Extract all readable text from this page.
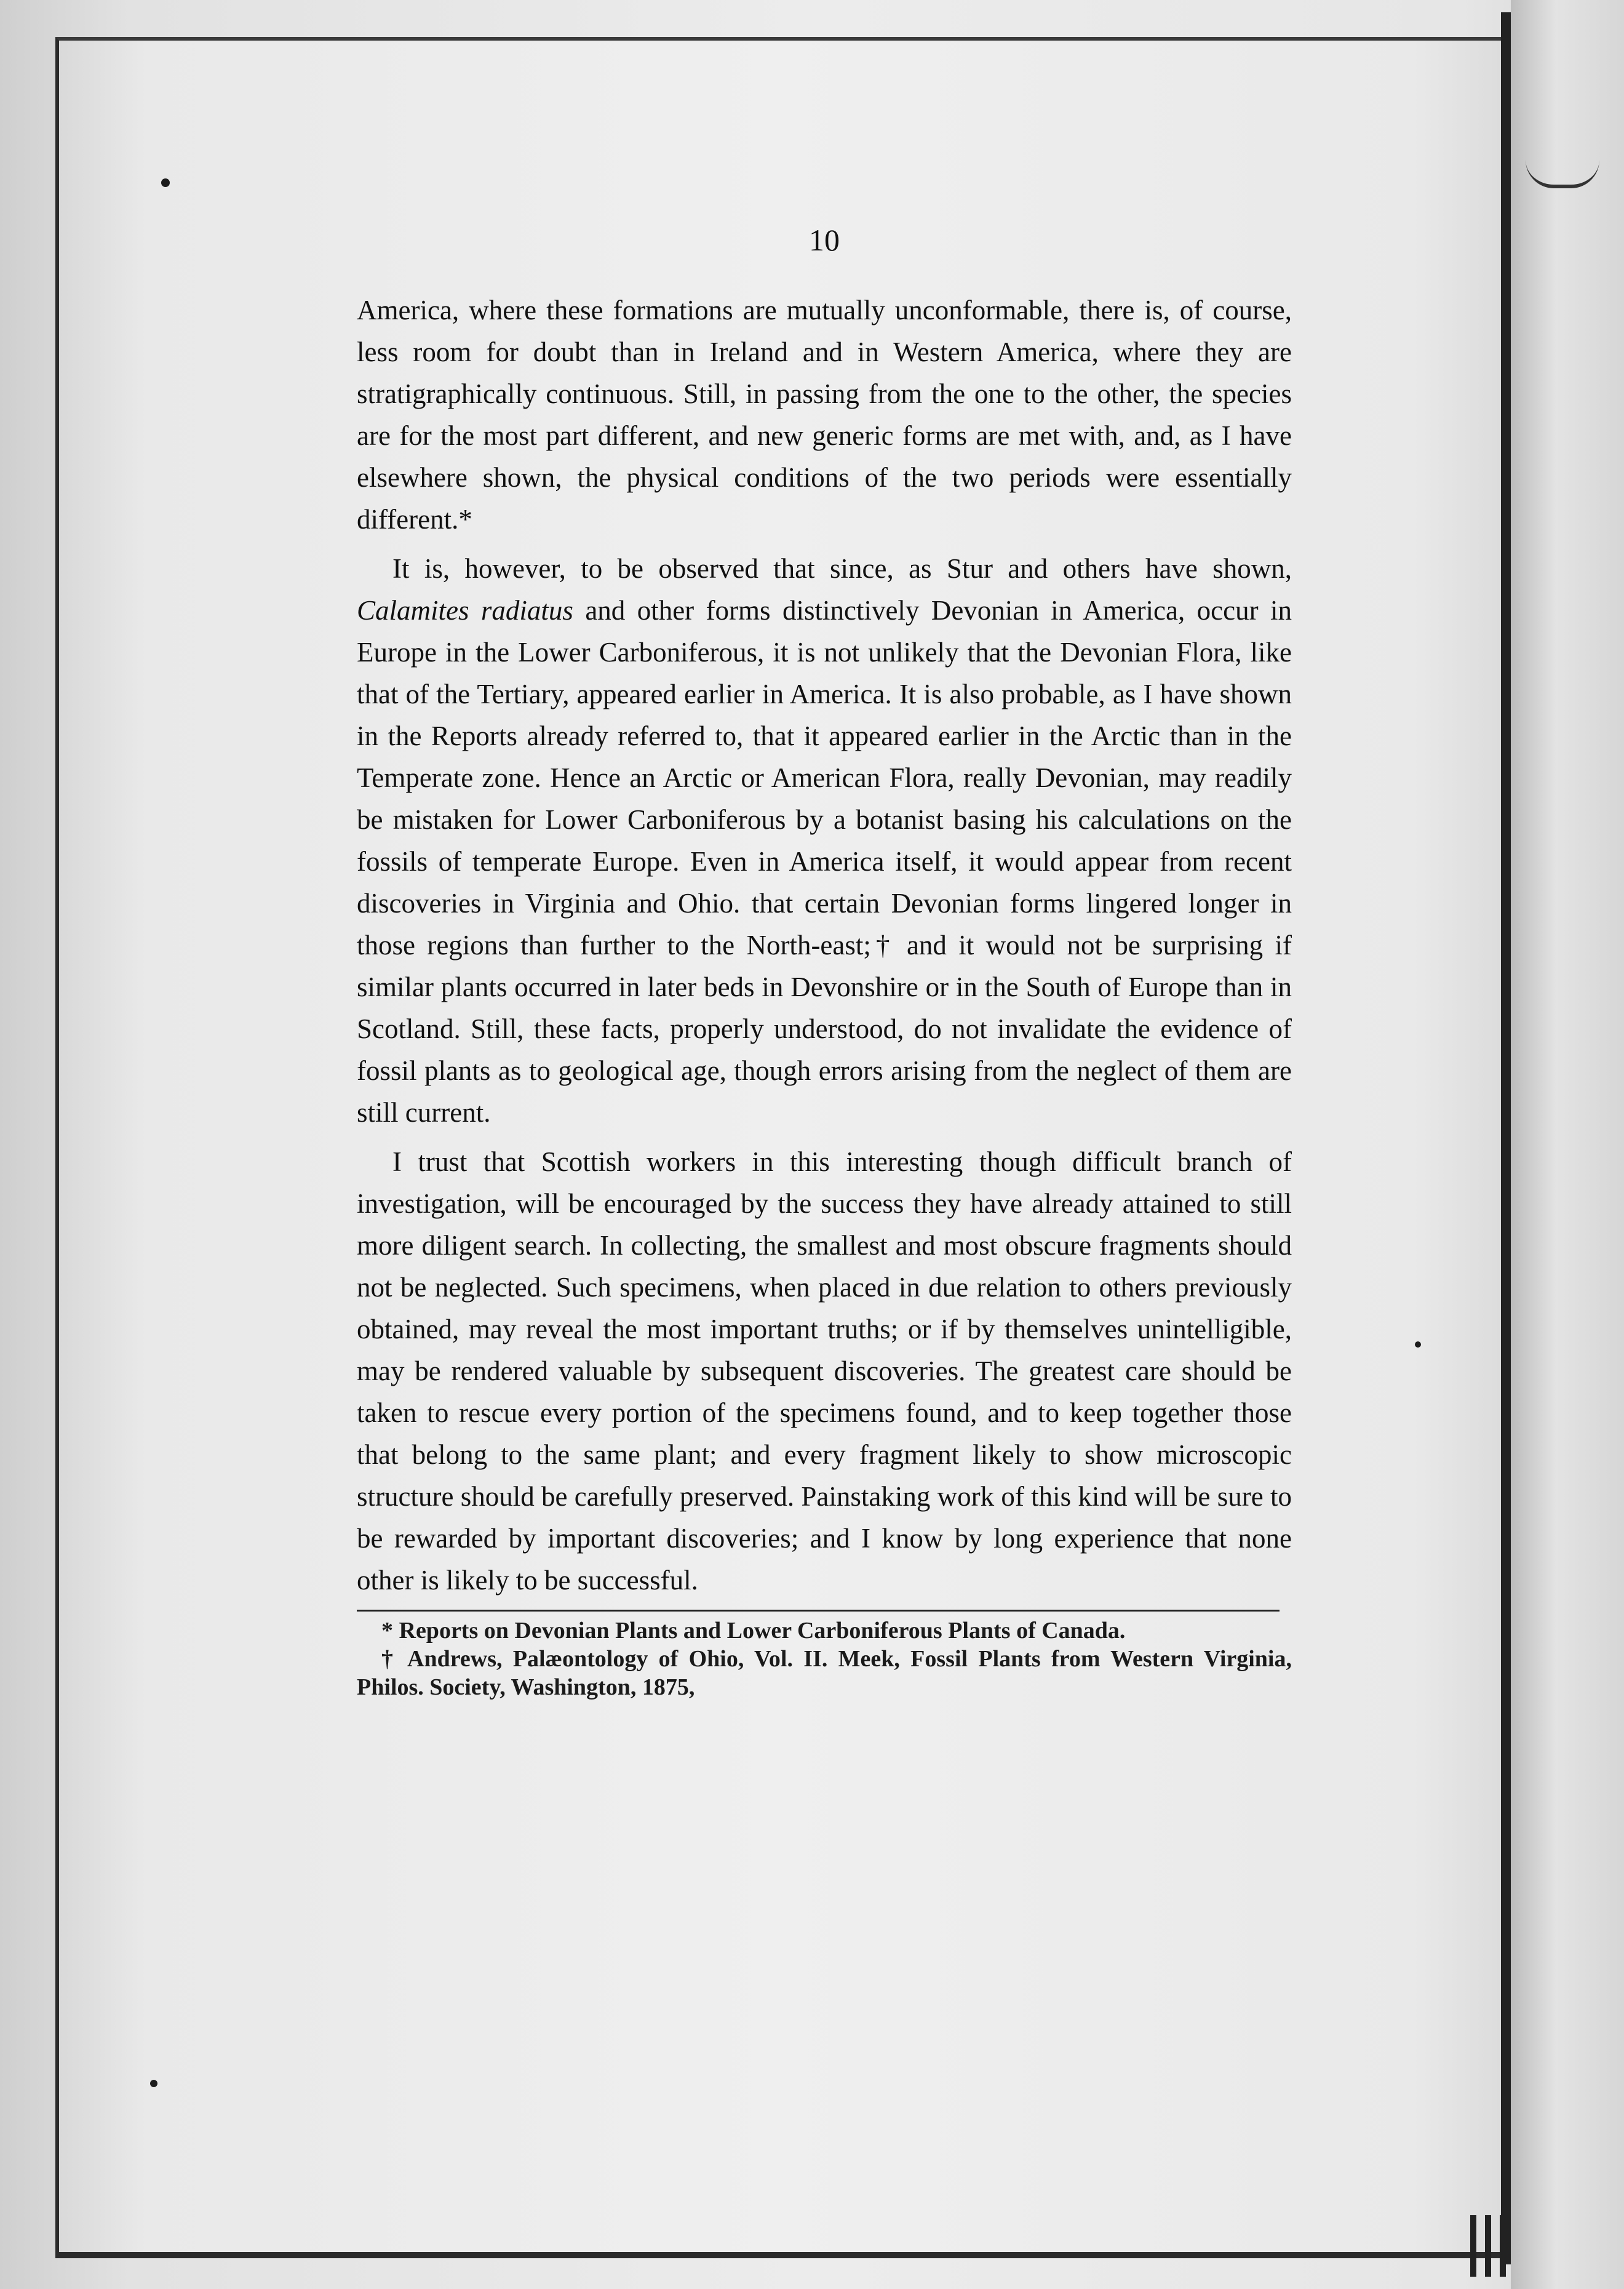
10

America, where these formations are mutually unconformable, there is, of course, less room for doubt than in Ireland and in Western America, where they are stratigraphically continuous. Still, in passing from the one to the other, the species are for the most part different, and new generic forms are met with, and, as I have elsewhere shown, the physical conditions of the two periods were essentially different.*

It is, however, to be observed that since, as Stur and others have shown, Calamites radiatus and other forms distinctively Devonian in America, occur in Europe in the Lower Carboniferous, it is not unlikely that the Devonian Flora, like that of the Tertiary, appeared earlier in America. It is also probable, as I have shown in the Reports already referred to, that it appeared earlier in the Arctic than in the Temperate zone. Hence an Arctic or American Flora, really Devonian, may readily be mistaken for Lower Carboniferous by a botanist basing his calculations on the fossils of temperate Europe. Even in America itself, it would appear from recent discoveries in Virginia and Ohio. that certain Devonian forms lingered longer in those regions than further to the North-east;† and it would not be surprising if similar plants occurred in later beds in Devonshire or in the South of Europe than in Scotland. Still, these facts, properly understood, do not invalidate the evidence of fossil plants as to geological age, though errors arising from the neglect of them are still current.

I trust that Scottish workers in this interesting though difficult branch of investigation, will be encouraged by the success they have already attained to still more diligent search. In collecting, the smallest and most obscure fragments should not be neglected. Such specimens, when placed in due relation to others previously obtained, may reveal the most important truths; or if by themselves unintelligible, may be rendered valuable by subsequent discoveries. The greatest care should be taken to rescue every portion of the specimens found, and to keep together those that belong to the same plant; and every fragment likely to show microscopic structure should be carefully preserved. Painstaking work of this kind will be sure to be rewarded by important discoveries; and I know by long experience that none other is likely to be successful.

* Reports on Devonian Plants and Lower Carboniferous Plants of Canada.

† Andrews, Palæontology of Ohio, Vol. II. Meek, Fossil Plants from Western Virginia, Philos. Society, Washington, 1875,
